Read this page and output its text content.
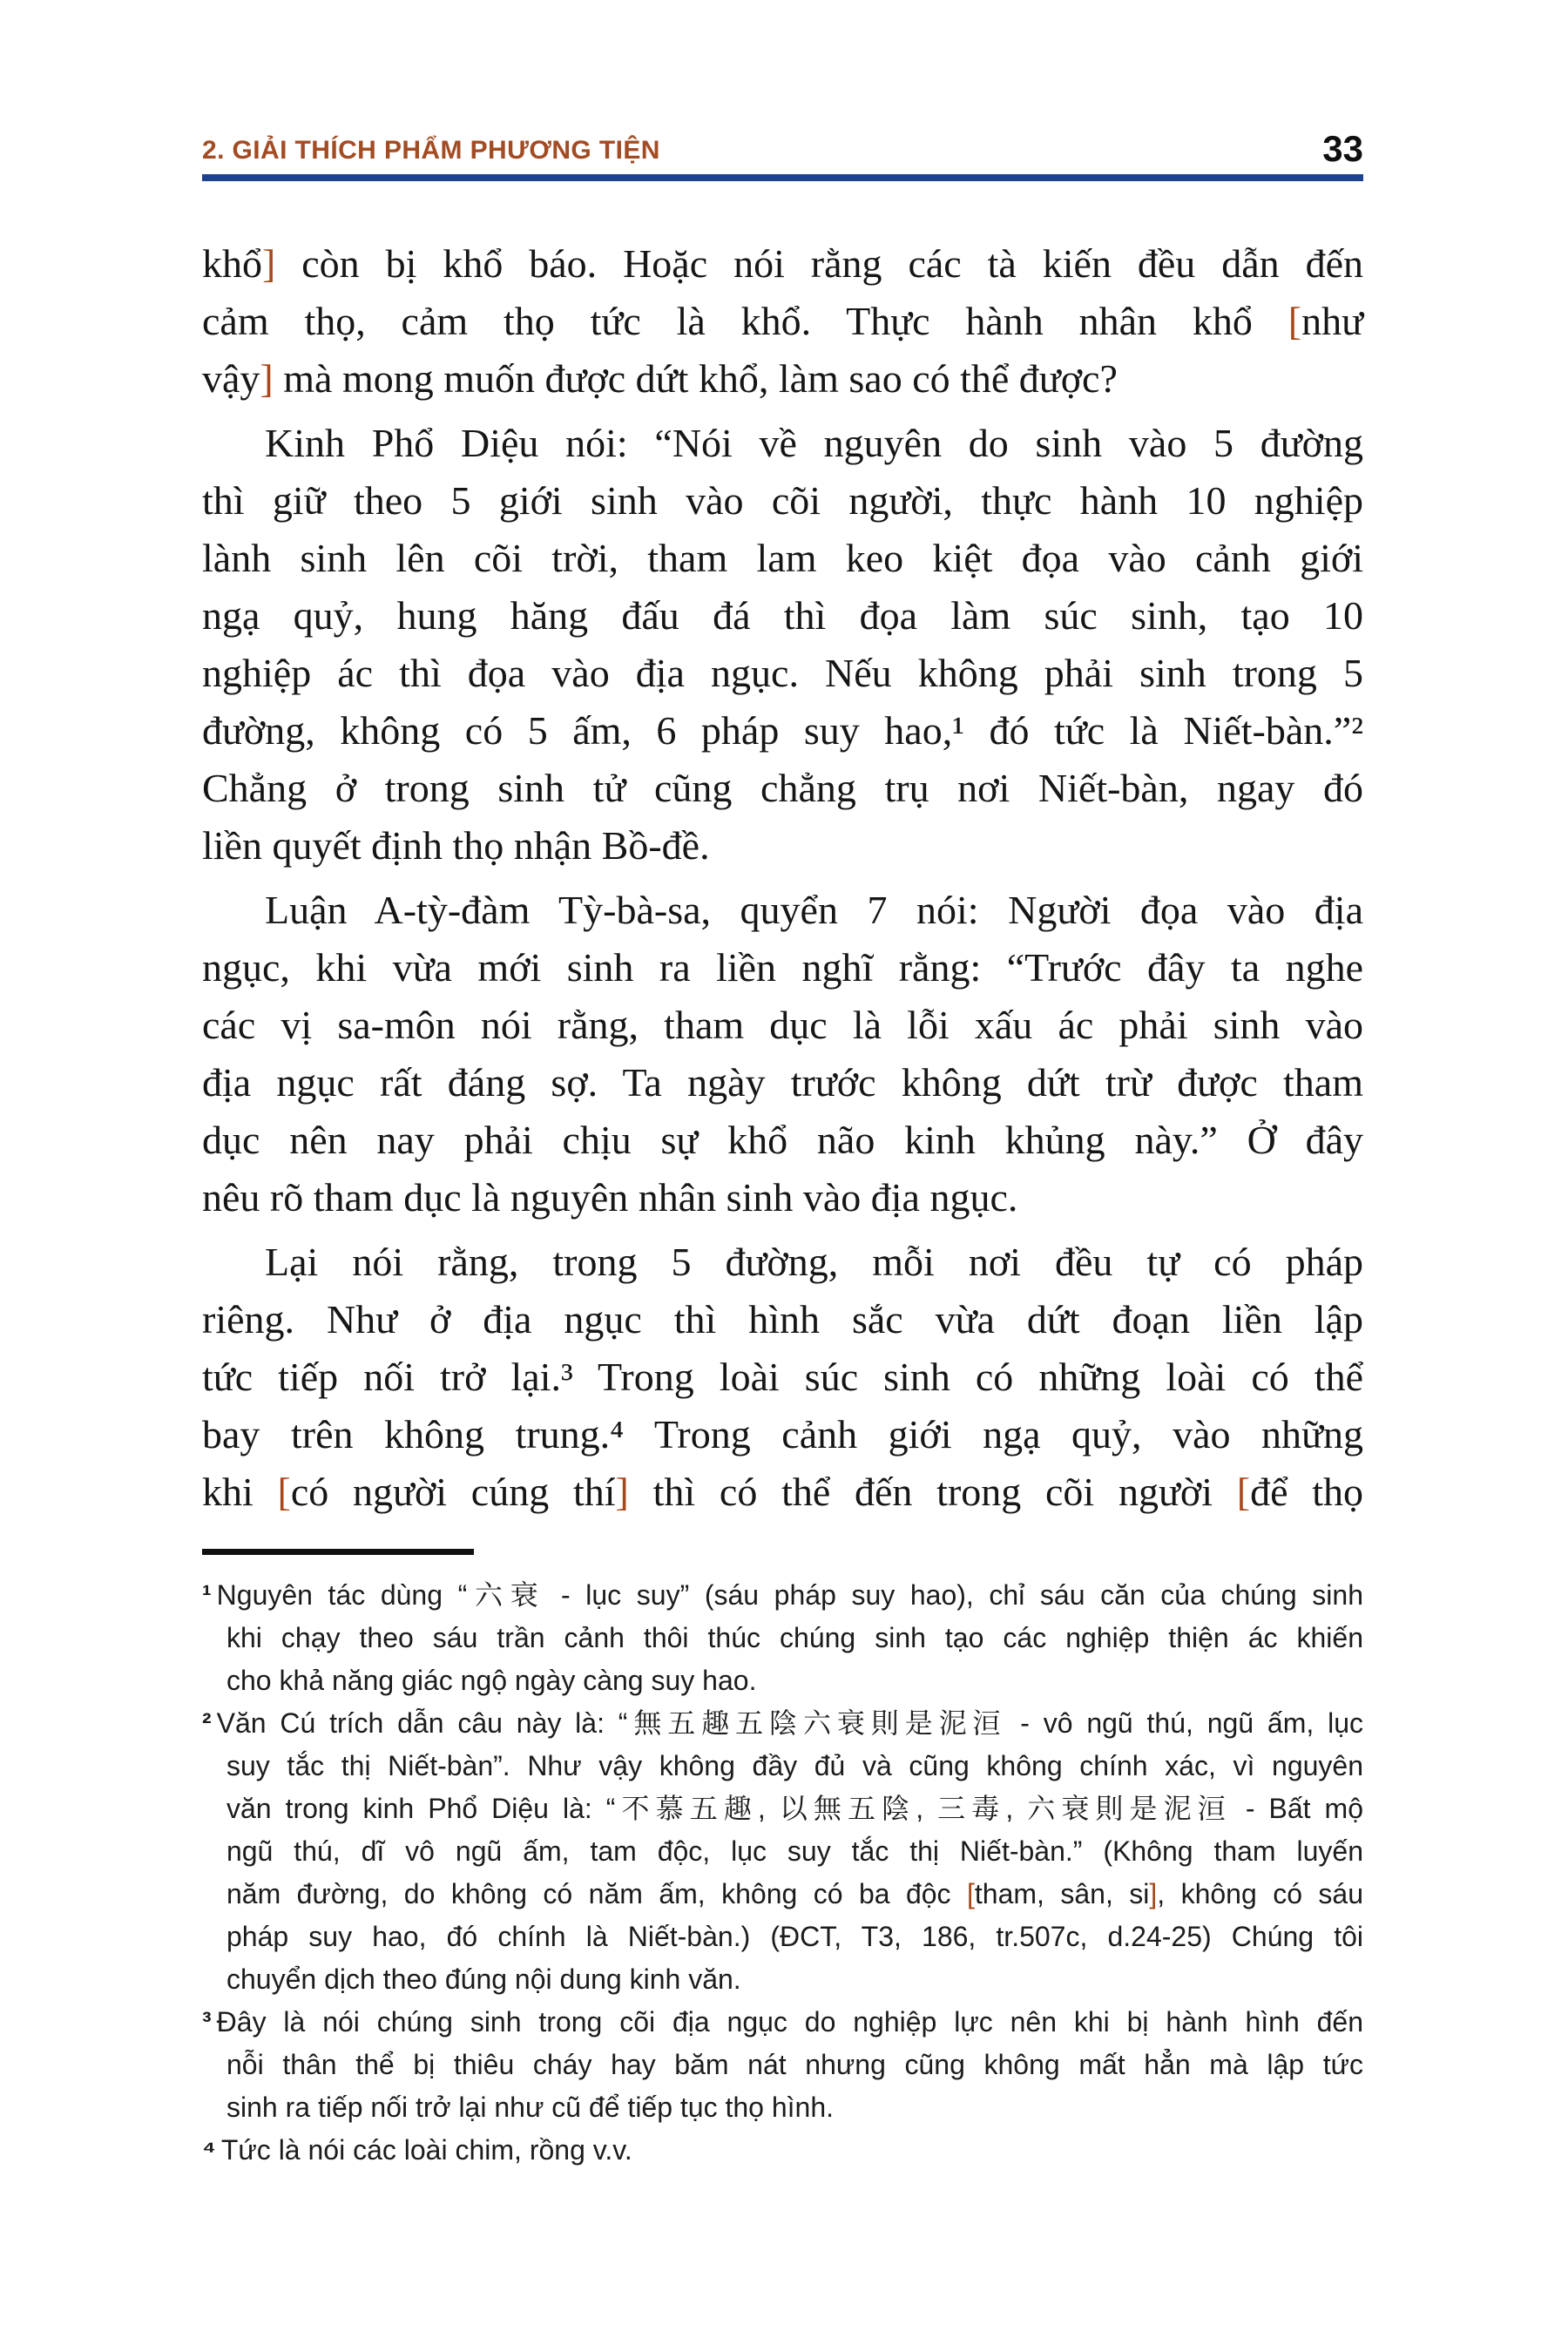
2. GIẢI THÍCH PHẨM PHƯƠNG TIỆN	33
khổ] còn bị khổ báo. Hoặc nói rằng các tà kiến đều dẫn đến
cảm thọ, cảm thọ tức là khổ. Thực hành nhân khổ [như
vậy] mà mong muốn được dứt khổ, làm sao có thể được?
Kinh Phổ Diệu nói: “Nói về nguyên do sinh vào 5 đường
thì giữ theo 5 giới sinh vào cõi người, thực hành 10 nghiệp
lành sinh lên cõi trời, tham lam keo kiệt đọa vào cảnh giới
ngạ quỷ, hung hăng đấu đá thì đọa làm súc sinh, tạo 10
nghiệp ác thì đọa vào địa ngục. Nếu không phải sinh trong 5
đường, không có 5 ấm, 6 pháp suy hao,¹ đó tức là Niết-bàn.”²
Chẳng ở trong sinh tử cũng chẳng trụ nơi Niết-bàn, ngay đó
liền quyết định thọ nhận Bồ-đề.
Luận A-tỳ-đàm Tỳ-bà-sa, quyển 7 nói: Người đọa vào địa
ngục, khi vừa mới sinh ra liền nghĩ rằng: “Trước đây ta nghe
các vị sa-môn nói rằng, tham dục là lỗi xấu ác phải sinh vào
địa ngục rất đáng sợ. Ta ngày trước không dứt trừ được tham
dục nên nay phải chịu sự khổ não kinh khủng này.” Ở đây
nêu rõ tham dục là nguyên nhân sinh vào địa ngục.
Lại nói rằng, trong 5 đường, mỗi nơi đều tự có pháp
riêng. Như ở địa ngục thì hình sắc vừa dứt đoạn liền lập
tức tiếp nối trở lại.³ Trong loài súc sinh có những loài có thể
bay trên không trung.⁴ Trong cảnh giới ngạ quỷ, vào những
khi [có người cúng thí] thì có thể đến trong cõi người [để thọ
¹ Nguyên tác dùng “六衰 - lục suy” (sáu pháp suy hao), chỉ sáu căn của chúng sinh
khi chạy theo sáu trần cảnh thôi thúc chúng sinh tạo các nghiệp thiện ác khiến
cho khả năng giác ngộ ngày càng suy hao.
² Văn Cú trích dẫn câu này là: “無五趣五陰六衰則是泥洹 - vô ngũ thú, ngũ ấm, lục
suy tắc thị Niết-bàn”. Như vậy không đầy đủ và cũng không chính xác, vì nguyên
văn trong kinh Phổ Diệu là: “不慕五趣, 以無五陰, 三毒, 六衰則是泥洹 - Bất mộ
ngũ thú, dĩ vô ngũ ấm, tam độc, lục suy tắc thị Niết-bàn.” (Không tham luyến
năm đường, do không có năm ấm, không có ba độc [tham, sân, si], không có sáu
pháp suy hao, đó chính là Niết-bàn.) (ĐCT, T3, 186, tr.507c, d.24-25) Chúng tôi
chuyển dịch theo đúng nội dung kinh văn.
³ Đây là nói chúng sinh trong cõi địa ngục do nghiệp lực nên khi bị hành hình đến
nỗi thân thể bị thiêu cháy hay băm nát nhưng cũng không mất hẳn mà lập tức
sinh ra tiếp nối trở lại như cũ để tiếp tục thọ hình.
⁴ Tức là nói các loài chim, rồng v.v.
